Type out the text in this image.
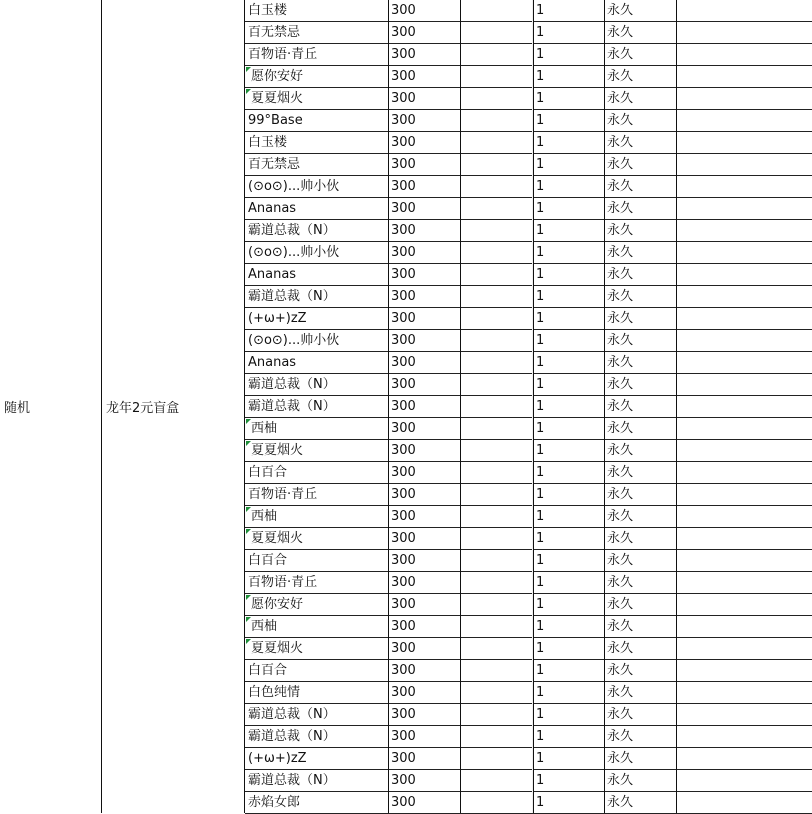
随机	龙年2元盲盒
白玉楼	300	1	永久
百无禁忌	300	1	永久
百物语·青丘	300	1	永久
愿你安好	300	1	永久
夏夏烟火	300	1	永久
99°Base	300	1	永久
白玉楼	300	1	永久
百无禁忌	300	1	永久
(⊙o⊙)...帅小伙	300	1	永久
Ananas	300	1	永久
霸道总裁（N）	300	1	永久
(⊙o⊙)...帅小伙	300	1	永久
Ananas	300	1	永久
霸道总裁（N）	300	1	永久
(+ω+)zZ	300	1	永久
(⊙o⊙)...帅小伙	300	1	永久
Ananas	300	1	永久
霸道总裁（N）	300	1	永久
霸道总裁（N）	300	1	永久
西柚	300	1	永久
夏夏烟火	300	1	永久
白百合	300	1	永久
百物语·青丘	300	1	永久
西柚	300	1	永久
夏夏烟火	300	1	永久
白百合	300	1	永久
百物语·青丘	300	1	永久
愿你安好	300	1	永久
西柚	300	1	永久
夏夏烟火	300	1	永久
白百合	300	1	永久
白色纯情	300	1	永久
霸道总裁（N）	300	1	永久
霸道总裁（N）	300	1	永久
(+ω+)zZ	300	1	永久
霸道总裁（N）	300	1	永久
赤焰女郎	300	1	永久
